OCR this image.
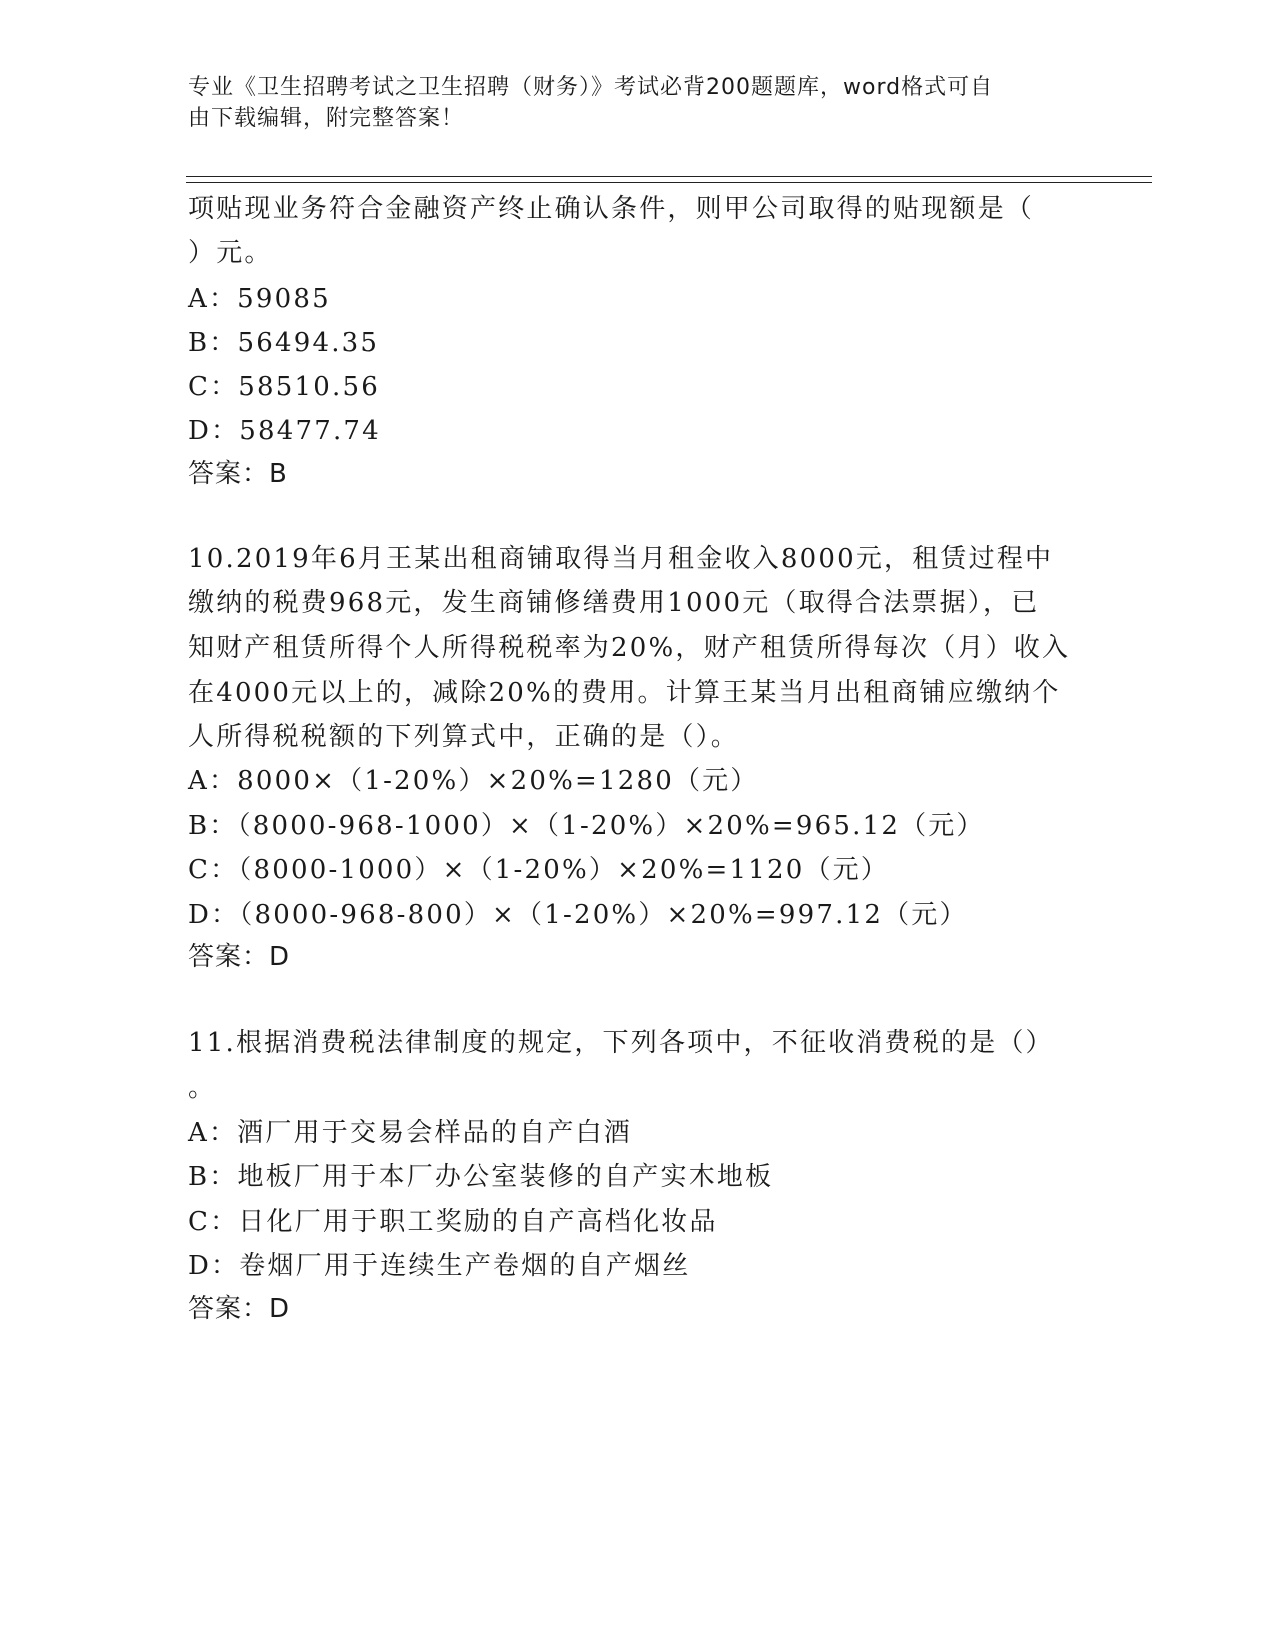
专业《卫生招聘考试之卫生招聘（财务）》考试必背200题题库，word格式可自
由下载编辑，附完整答案！
项贴现业务符合金融资产终止确认条件，则甲公司取得的贴现额是（
）元。
A：59085
B：56494.35
C：58510.56
D：58477.74
答案：B
10.2019年6月王某出租商铺取得当月租金收入8000元，租赁过程中
缴纳的税费968元，发生商铺修缮费用1000元（取得合法票据），已
知财产租赁所得个人所得税税率为20%，财产租赁所得每次（月）收入
在4000元以上的，减除20%的费用。计算王某当月出租商铺应缴纳个
人所得税税额的下列算式中，正确的是（）。
A：8000×（1-20%）×20%=1280（元）
B：（8000-968-1000）×（1-20%）×20%=965.12（元）
C：（8000-1000）×（1-20%）×20%=1120（元）
D：（8000-968-800）×（1-20%）×20%=997.12（元）
答案：D
11.根据消费税法律制度的规定，下列各项中，不征收消费税的是（）
。
A：酒厂用于交易会样品的自产白酒
B：地板厂用于本厂办公室装修的自产实木地板
C：日化厂用于职工奖励的自产高档化妆品
D：卷烟厂用于连续生产卷烟的自产烟丝
答案：D
